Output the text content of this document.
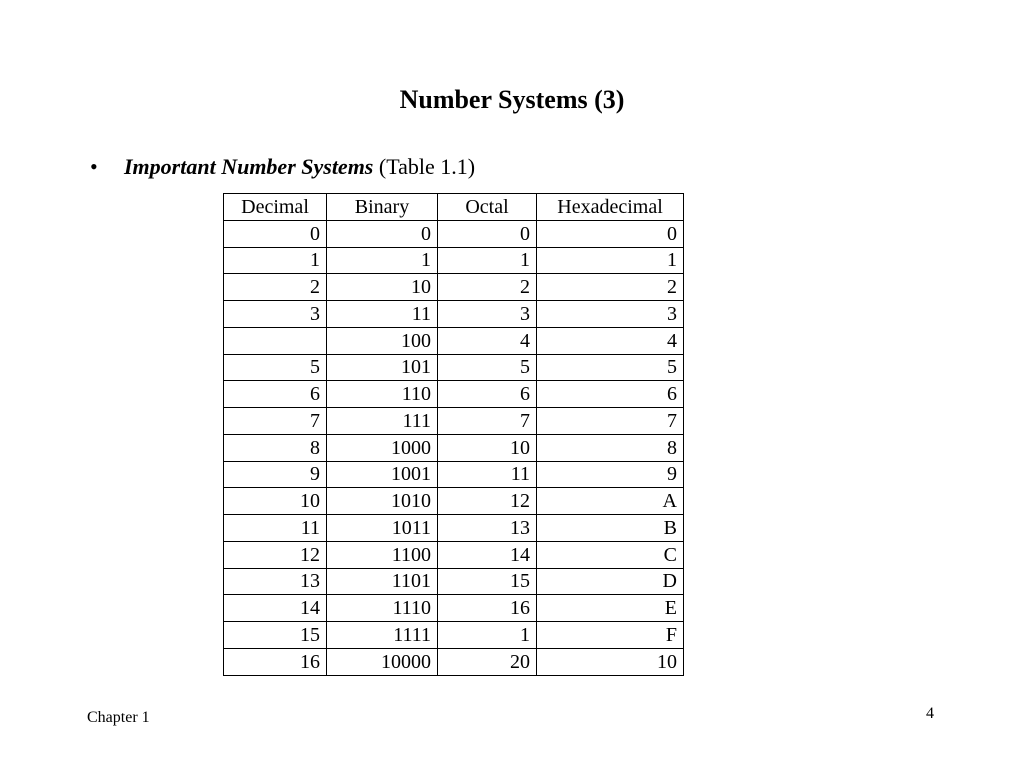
Number Systems (3)
• Important Number Systems (Table 1.1)
Decimal	Binary	Octal	Hexadecimal
0	0	0	0
1	1	1	1
2	10	2	2
3	11	3	3
	100	4	4
5	101	5	5
6	110	6	6
7	111	7	7
8	1000	10	8
9	1001	11	9
10	1010	12	A
11	1011	13	B
12	1100	14	C
13	1101	15	D
14	1110	16	E
15	1111	1	F
16	10000	20	10
Chapter 1	4
